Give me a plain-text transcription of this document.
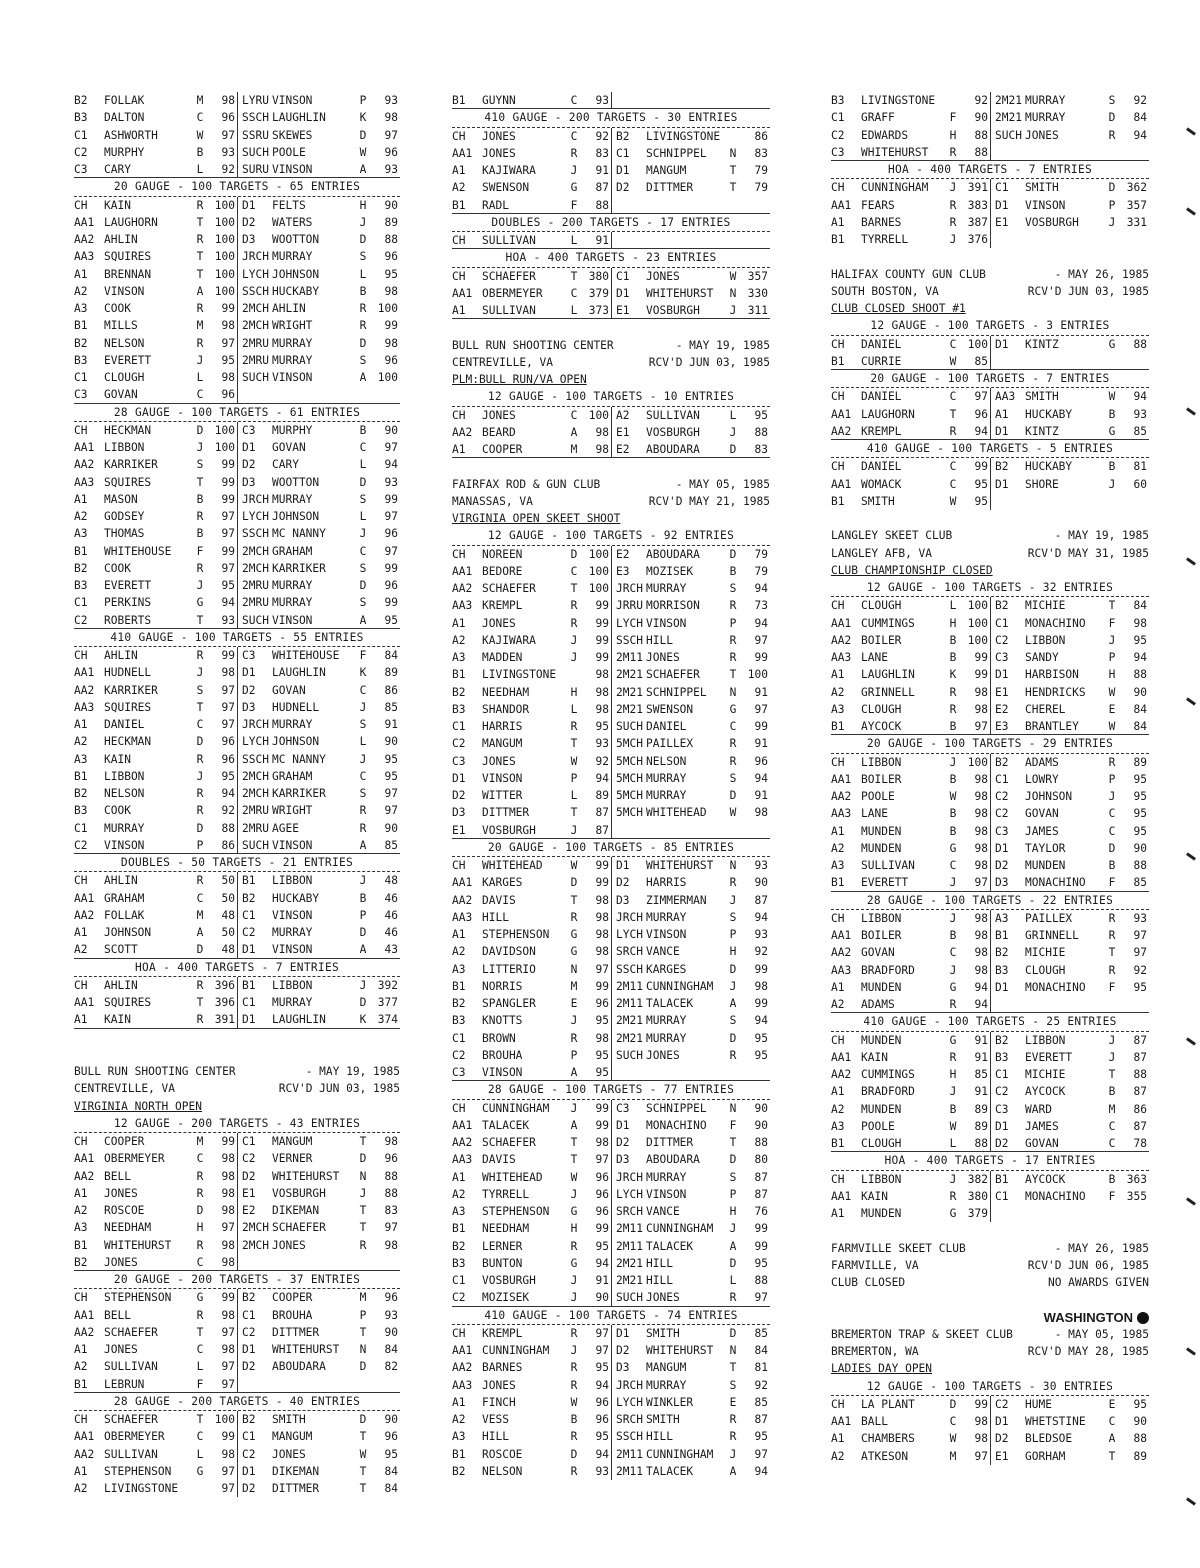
B2	FOLLAK	M	98 LYRU VINSON	P	93
B3	DALTON	C	96 SSCH LAUGHLIN	K	98
C1	ASHWORTH	W	97 SSRU SKEWES	D	97
C2	MURPHY	B	93 SUCH POOLE	W	96
C3	CARY	L	92 SURU VINSON	A	93
20 GAUGE - 100 TARGETS - 65 ENTRIES
CH	KAIN	R	100 D1	FELTS	H	90
AA1 LAUGHORN	T	100 D2	WATERS	J	89
AA2 AHLIN	R	100 D3	WOOTTON	D	88
AA3 SQUIRES	T	100 JRCH MURRAY	S	96
A1	BRENNAN	T	100 LYCH JOHNSON	L	95
A2	VINSON	A	100 SSCH HUCKABY	B	98
A3	COOK	R	99 2MCH AHLIN	R	100
B1	MILLS	M	98 2MCH WRIGHT	R	99
B2	NELSON	R	97 2MRU MURRAY	D	98
B3	EVERETT	J	95 2MRU MURRAY	S	96
C1	CLOUGH	L	98 SUCH VINSON	A	100
C3	GOVAN	C	96
28 GAUGE - 100 TARGETS - 61 ENTRIES
CH	HECKMAN	D	100 C3	MURPHY	B	90
AA1 LIBBON	J	100 D1	GOVAN	C	97
AA2 KARRIKER	S	99 D2	CARY	L	94
AA3 SQUIRES	T	99 D3	WOOTTON	D	93
A1	MASON	B	99 JRCH MURRAY	S	99
A2	GODSEY	R	97 LYCH JOHNSON	L	97
A3	THOMAS	B	97 SSCH MC NANNY	J	96
B1	WHITEHOUSE	F	99 2MCH GRAHAM	C	97
B2	COOK	R	97 2MCH KARRIKER	S	99
B3	EVERETT	J	95 2MRU MURRAY	D	96
C1	PERKINS	G	94 2MRU MURRAY	S	99
C2	ROBERTS	T	93 SUCH VINSON	A	95
410 GAUGE - 100 TARGETS - 55 ENTRIES
CH	AHLIN	R	99 C3	WHITEHOUSE	F	84
AA1 HUDNELL	J	98 D1	LAUGHLIN	K	89
AA2 KARRIKER	S	97 D2	GOVAN	C	86
AA3 SQUIRES	T	97 D3	HUDNELL	J	85
A1	DANIEL	C	97 JRCH MURRAY	S	91
A2	HECKMAN	D	96 LYCH JOHNSON	L	90
A3	KAIN	R	96 SSCH MC NANNY	J	95
B1	LIBBON	J	95 2MCH GRAHAM	C	95
B2	NELSON	R	94 2MCH KARRIKER	S	97
B3	COOK	R	92 2MRU WRIGHT	R	97
C1	MURRAY	D	88 2MRU AGEE	R	90
C2	VINSON	P	86 SUCH VINSON	A	85
DOUBLES - 50 TARGETS - 21 ENTRIES
CH	AHLIN	R	50 B1	LIBBON	J	48
AA1 GRAHAM	C	50 B2	HUCKABY	B	46
AA2 FOLLAK	M	48 C1	VINSON	P	46
A1	JOHNSON	A	50 C2	MURRAY	D	46
A2	SCOTT	D	48 D1	VINSON	A	43
HOA - 400 TARGETS - 7 ENTRIES
CH	AHLIN	R	396 B1	LIBBON	J	392
AA1 SQUIRES	T	396 C1	MURRAY	D	377
A1	KAIN	R	391 D1	LAUGHLIN	K	374
BULL RUN SHOOTING CENTER	- MAY 19, 1985
CENTREVILLE, VA	RCV'D JUN 03, 1985
VIRGINIA NORTH OPEN
12 GAUGE - 200 TARGETS - 43 ENTRIES
CH	COOPER	M	99 C1	MANGUM	T	98
AA1 OBERMEYER	C	98 C2	VERNER	D	96
AA2 BELL	R	98 D2	WHITEHURST	N	88
A1	JONES	R	98 E1	VOSBURGH	J	88
A2	ROSCOE	D	98 E2	DIKEMAN	T	83
A3	NEEDHAM	H	97 2MCH SCHAEFER	T	97
B1	WHITEHURST	R	98 2MCH JONES	R	98
B2	JONES	C	98
20 GAUGE - 200 TARGETS - 37 ENTRIES
CH	STEPHENSON	G	99 B2	COOPER	M	96
AA1 BELL	R	98 C1	BROUHA	P	93
AA2 SCHAEFER	T	97 C2	DITTMER	T	90
A1	JONES	C	98 D1	WHITEHURST	N	84
A2	SULLIVAN	L	97 D2	ABOUDARA	D	82
B1	LEBRUN	F	97
28 GAUGE - 200 TARGETS - 40 ENTRIES
CH	SCHAEFER	T	100 B2	SMITH	D	90
AA1 OBERMEYER	C	99 C1	MANGUM	T	96
AA2 SULLIVAN	L	98 C2	JONES	W	95
A1	STEPHENSON	G	97 D1	DIKEMAN	T	84
A2	LIVINGSTONE	97 D2	DITTMER	T	84
B1	GUYNN	C	93
410 GAUGE - 200 TARGETS - 30 ENTRIES
CH	JONES	C	92 B2	LIVINGSTONE	86
AA1 JONES	R	83 C1	SCHNIPPEL	N	83
A1	KAJIWARA	J	91 D1	MANGUM	T	79
A2	SWENSON	G	87 D2	DITTMER	T	79
B1	RADL	F	88
DOUBLES - 200 TARGETS - 17 ENTRIES
CH	SULLIVAN	L	91
HOA - 400 TARGETS - 23 ENTRIES
CH	SCHAEFER	T	380 C1	JONES	W	357
AA1 OBERMEYER	C	379 D1	WHITEHURST	N	330
A1	SULLIVAN	L	373 E1	VOSBURGH	J	311
BULL RUN SHOOTING CENTER	- MAY 19, 1985
CENTREVILLE, VA	RCV'D JUN 03, 1985
PLM:BULL RUN/VA OPEN
12 GAUGE - 100 TARGETS - 10 ENTRIES
CH	JONES	C	100 A2	SULLIVAN	L	95
AA2 BEARD	A	98 E1	VOSBURGH	J	88
A1	COOPER	M	98 E2	ABOUDARA	D	83
FAIRFAX ROD & GUN CLUB	- MAY 05, 1985
MANASSAS, VA	RCV'D MAY 21, 1985
VIRGINIA OPEN SKEET SHOOT
12 GAUGE - 100 TARGETS - 92 ENTRIES
CH	NOREEN	D	100 E2	ABOUDARA	D	79
AA1 BEDORE	C	100 E3	MOZISEK	B	79
AA2 SCHAEFER	T	100 JRCH MURRAY	S	94
AA3 KREMPL	R	99 JRRU MORRISON	R	73
A1	JONES	R	99 LYCH VINSON	P	94
A2	KAJIWARA	J	99 SSCH HILL	R	97
A3	MADDEN	J	99 2M11 JONES	R	99
B1	LIVINGSTONE	98 2M21 SCHAEFER	T	100
B2	NEEDHAM	H	98 2M21 SCHNIPPEL	N	91
B3	SHANDOR	L	98 2M21 SWENSON	G	97
C1	HARRIS	R	95 SUCH DANIEL	C	99
C2	MANGUM	T	93 5MCH PAILLEX	R	91
C3	JONES	W	92 5MCH NELSON	R	96
D1	VINSON	P	94 5MCH MURRAY	S	94
D2	WITTER	L	89 5MCH MURRAY	D	91
D3	DITTMER	T	87 5MCH WHITEHEAD	W	98
E1	VOSBURGH	J	87
20 GAUGE - 100 TARGETS - 85 ENTRIES
CH	WHITEHEAD	W	99 D1	WHITEHURST	N	93
AA1 KARGES	D	99 D2	HARRIS	R	90
AA2 DAVIS	T	98 D3	ZIMMERMAN	J	87
AA3 HILL	R	98 JRCH MURRAY	S	94
A1	STEPHENSON	G	98 LYCH VINSON	P	93
A2	DAVIDSON	G	98 SRCH VANCE	H	92
A3	LITTERIO	N	97 SSCH KARGES	D	99
B1	NORRIS	M	99 2M11 CUNNINGHAM	J	98
B2	SPANGLER	E	96 2M11 TALACEK	A	99
B3	KNOTTS	J	95 2M21 MURRAY	S	94
C1	BROWN	R	98 2M21 MURRAY	D	95
C2	BROUHA	P	95 SUCH JONES	R	95
C3	VINSON	A	95
28 GAUGE - 100 TARGETS - 77 ENTRIES
CH	CUNNINGHAM	J	99 C3	SCHNIPPEL	N	90
AA1 TALACEK	A	99 D1	MONACHINO	F	90
AA2 SCHAEFER	T	98 D2	DITTMER	T	88
AA3 DAVIS	T	97 D3	ABOUDARA	D	80
A1	WHITEHEAD	W	96 JRCH MURRAY	S	87
A2	TYRRELL	J	96 LYCH VINSON	P	87
A3	STEPHENSON	G	96 SRCH VANCE	H	76
B1	NEEDHAM	H	99 2M11 CUNNINGHAM	J	99
B2	LERNER	R	95 2M11 TALACEK	A	99
B3	BUNTON	G	94 2M21 HILL	D	95
C1	VOSBURGH	J	91 2M21 HILL	L	88
C2	MOZISEK	J	90 SUCH JONES	R	97
410 GAUGE - 100 TARGETS - 74 ENTRIES
CH	KREMPL	R	97 D1	SMITH	D	85
AA1 CUNNINGHAM	J	97 D2	WHITEHURST	N	84
AA2 BARNES	R	95 D3	MANGUM	T	81
AA3 JONES	R	94 JRCH MURRAY	S	92
A1	FINCH	W	96 LYCH WINKLER	E	85
A2	VESS	B	96 SRCH SMITH	R	87
A3	HILL	R	95 SSCH HILL	R	95
B1	ROSCOE	D	94 2M11 CUNNINGHAM	J	97
B2	NELSON	R	93 2M11 TALACEK	A	94
B3	LIVINGSTONE	92 2M21 MURRAY	S	92
C1	GRAFF	F	90 2M21 MURRAY	D	84
C2	EDWARDS	H	88 SUCH JONES	R	94
C3	WHITEHURST	R	88
HOA - 400 TARGETS - 7 ENTRIES
CH	CUNNINGHAM	J	391 C1	SMITH	D	362
AA1 FEARS	R	383 D1	VINSON	P	357
A1	BARNES	R	387 E1	VOSBURGH	J	331
B1	TYRRELL	J	376
HALIFAX COUNTY GUN CLUB	- MAY 26, 1985
SOUTH BOSTON, VA	RCV'D JUN 03, 1985
CLUB CLOSED SHOOT #1
12 GAUGE - 100 TARGETS - 3 ENTRIES
CH	DANIEL	C	100 D1	KINTZ	G	88
B1	CURRIE	W	85
20 GAUGE - 100 TARGETS - 7 ENTRIES
CH	DANIEL	C	97 AA3 SMITH	W	94
AA1 LAUGHORN	T	96 A1	HUCKABY	B	93
AA2 KREMPL	R	94 D1	KINTZ	G	85
410 GAUGE - 100 TARGETS - 5 ENTRIES
CH	DANIEL	C	99 B2	HUCKABY	B	81
AA1 WOMACK	C	95 D1	SHORE	J	60
B1	SMITH	W	95
LANGLEY SKEET CLUB	- MAY 19, 1985
LANGLEY AFB, VA	RCV'D MAY 31, 1985
CLUB CHAMPIONSHIP CLOSED
12 GAUGE - 100 TARGETS - 32 ENTRIES
CH	CLOUGH	L	100 B2	MICHIE	T	84
AA1 CUMMINGS	H	100 C1	MONACHINO	F	98
AA2 BOILER	B	100 C2	LIBBON	J	95
AA3 LANE	B	99 C3	SANDY	P	94
A1	LAUGHLIN	K	99 D1	HARBISON	H	88
A2	GRINNELL	R	98 E1	HENDRICKS	W	90
A3	CLOUGH	R	98 E2	CHEREL	E	84
B1	AYCOCK	B	97 E3	BRANTLEY	W	84
20 GAUGE - 100 TARGETS - 29 ENTRIES
CH	LIBBON	J	100 B2	ADAMS	R	89
AA1 BOILER	B	98 C1	LOWRY	P	95
AA2 POOLE	W	98 C2	JOHNSON	J	95
AA3 LANE	B	98 C2	GOVAN	C	95
A1	MUNDEN	B	98 C3	JAMES	C	95
A2	MUNDEN	G	98 D1	TAYLOR	D	90
A3	SULLIVAN	C	98 D2	MUNDEN	B	88
B1	EVERETT	J	97 D3	MONACHINO	F	85
28 GAUGE - 100 TARGETS - 22 ENTRIES
CH	LIBBON	J	98 A3	PAILLEX	R	93
AA1 BOILER	B	98 B1	GRINNELL	R	97
AA2 GOVAN	C	98 B2	MICHIE	T	97
AA3 BRADFORD	J	98 B3	CLOUGH	R	92
A1	MUNDEN	G	94 D1	MONACHINO	F	95
A2	ADAMS	R	94
410 GAUGE - 100 TARGETS - 25 ENTRIES
CH	MUNDEN	G	91 B2	LIBBON	J	87
AA1 KAIN	R	91 B3	EVERETT	J	87
AA2 CUMMINGS	H	85 C1	MICHIE	T	88
A1	BRADFORD	J	91 C2	AYCOCK	B	87
A2	MUNDEN	B	89 C3	WARD	M	86
A3	POOLE	W	89 D1	JAMES	C	87
B1	CLOUGH	L	88 D2	GOVAN	C	78
HOA - 400 TARGETS - 17 ENTRIES
CH	LIBBON	J	382 B1	AYCOCK	B	363
AA1 KAIN	R	380 C1	MONACHINO	F	355
A1	MUNDEN	G	379
FARMVILLE SKEET CLUB	- MAY 26, 1985
FARMVILLE, VA	RCV'D JUN 06, 1985
CLUB CLOSED	NO AWARDS GIVEN
WASHINGTON
BREMERTON TRAP & SKEET CLUB	- MAY 05, 1985
BREMERTON, WA	RCV'D MAY 28, 1985
LADIES DAY OPEN
12 GAUGE - 100 TARGETS - 30 ENTRIES
CH	LA PLANT	D	99 C2	HUME	E	95
AA1 BALL	C	98 D1	WHETSTINE	C	90
A1	CHAMBERS	W	98 D2	BLEDSOE	A	88
A2	ATKESON	M	97 E1	GORHAM	T	89
